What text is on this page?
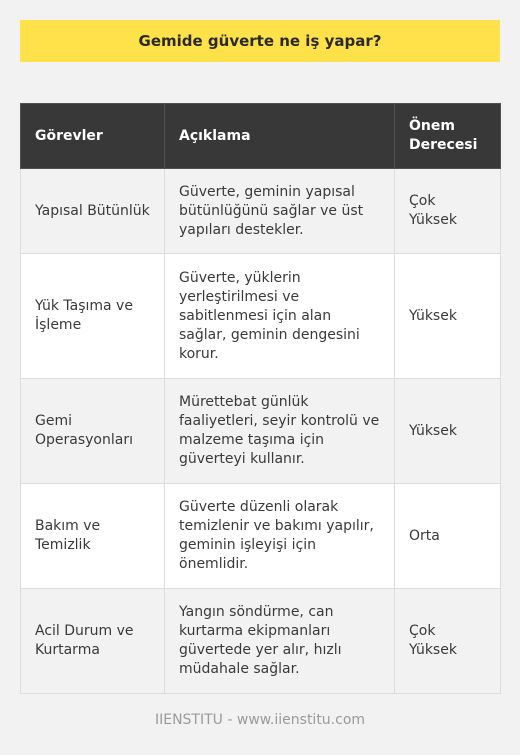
Gemide güverte ne iş yapar?
Görevler	Açıklama	Önem Derecesi
Yapısal Bütünlük	Güverte, geminin yapısal bütünlüğünü sağlar ve üst yapıları destekler.	Çok Yüksek
Yük Taşıma ve İşleme	Güverte, yüklerin yerleştirilmesi ve sabitlenmesi için alan sağlar, geminin dengesini korur.	Yüksek
Gemi Operasyonları	Mürettebat günlük faaliyetleri, seyir kontrolü ve malzeme taşıma için güverteyi kullanır.	Yüksek
Bakım ve Temizlik	Güverte düzenli olarak temizlenir ve bakımı yapılır, geminin işleyişi için önemlidir.	Orta
Acil Durum ve Kurtarma	Yangın söndürme, can kurtarma ekipmanları güvertede yer alır, hızlı müdahale sağlar.	Çok Yüksek
IIENSTITU - www.iienstitu.com
